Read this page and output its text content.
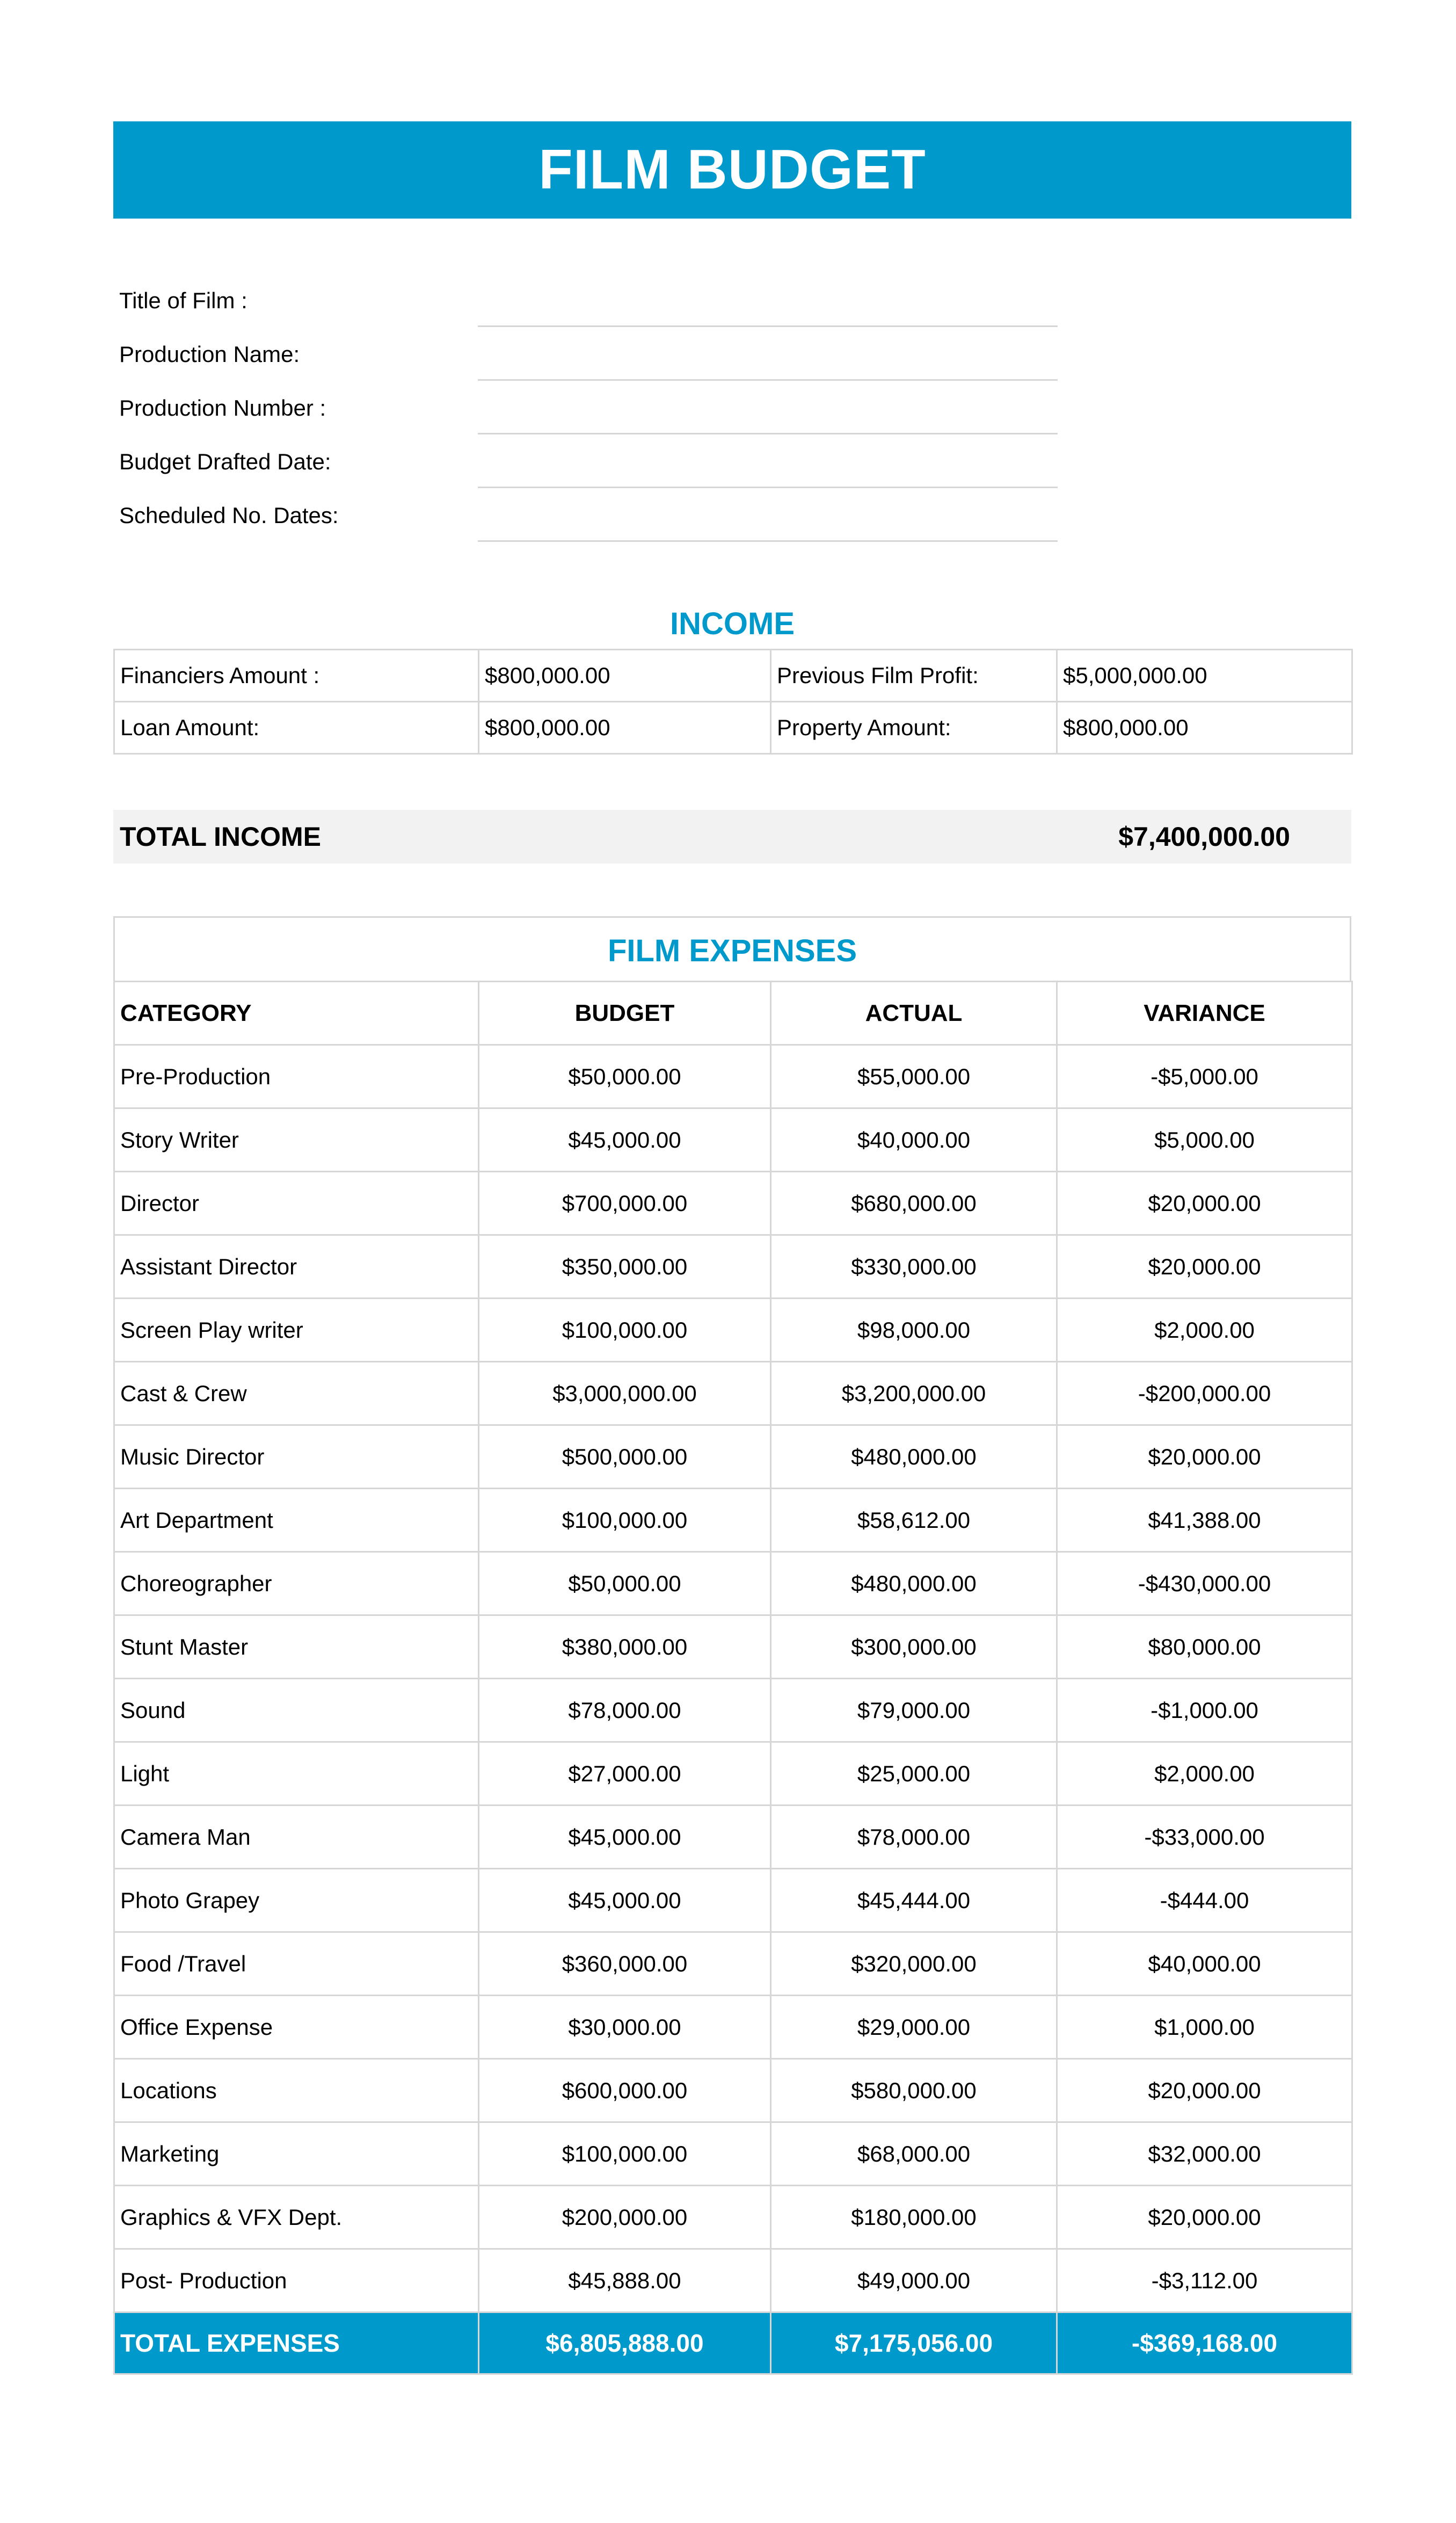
FILM BUDGET
Title of Film :
Production Name:
Production Number :
Budget Drafted Date:
Scheduled No. Dates:
INCOME
Financiers Amount :	$800,000.00	Previous Film Profit:	$5,000,000.00
Loan Amount:	$800,000.00	Property Amount:	$800,000.00
TOTAL INCOME	$7,400,000.00
FILM EXPENSES
CATEGORY	BUDGET	ACTUAL	VARIANCE
Pre-Production	$50,000.00	$55,000.00	-$5,000.00
Story Writer	$45,000.00	$40,000.00	$5,000.00
Director	$700,000.00	$680,000.00	$20,000.00
Assistant Director	$350,000.00	$330,000.00	$20,000.00
Screen Play writer	$100,000.00	$98,000.00	$2,000.00
Cast & Crew	$3,000,000.00	$3,200,000.00	-$200,000.00
Music Director	$500,000.00	$480,000.00	$20,000.00
Art Department	$100,000.00	$58,612.00	$41,388.00
Choreographer	$50,000.00	$480,000.00	-$430,000.00
Stunt Master	$380,000.00	$300,000.00	$80,000.00
Sound	$78,000.00	$79,000.00	-$1,000.00
Light	$27,000.00	$25,000.00	$2,000.00
Camera Man	$45,000.00	$78,000.00	-$33,000.00
Photo Grapey	$45,000.00	$45,444.00	-$444.00
Food /Travel	$360,000.00	$320,000.00	$40,000.00
Office Expense	$30,000.00	$29,000.00	$1,000.00
Locations	$600,000.00	$580,000.00	$20,000.00
Marketing	$100,000.00	$68,000.00	$32,000.00
Graphics & VFX Dept.	$200,000.00	$180,000.00	$20,000.00
Post- Production	$45,888.00	$49,000.00	-$3,112.00
TOTAL EXPENSES	$6,805,888.00	$7,175,056.00	-$369,168.00
